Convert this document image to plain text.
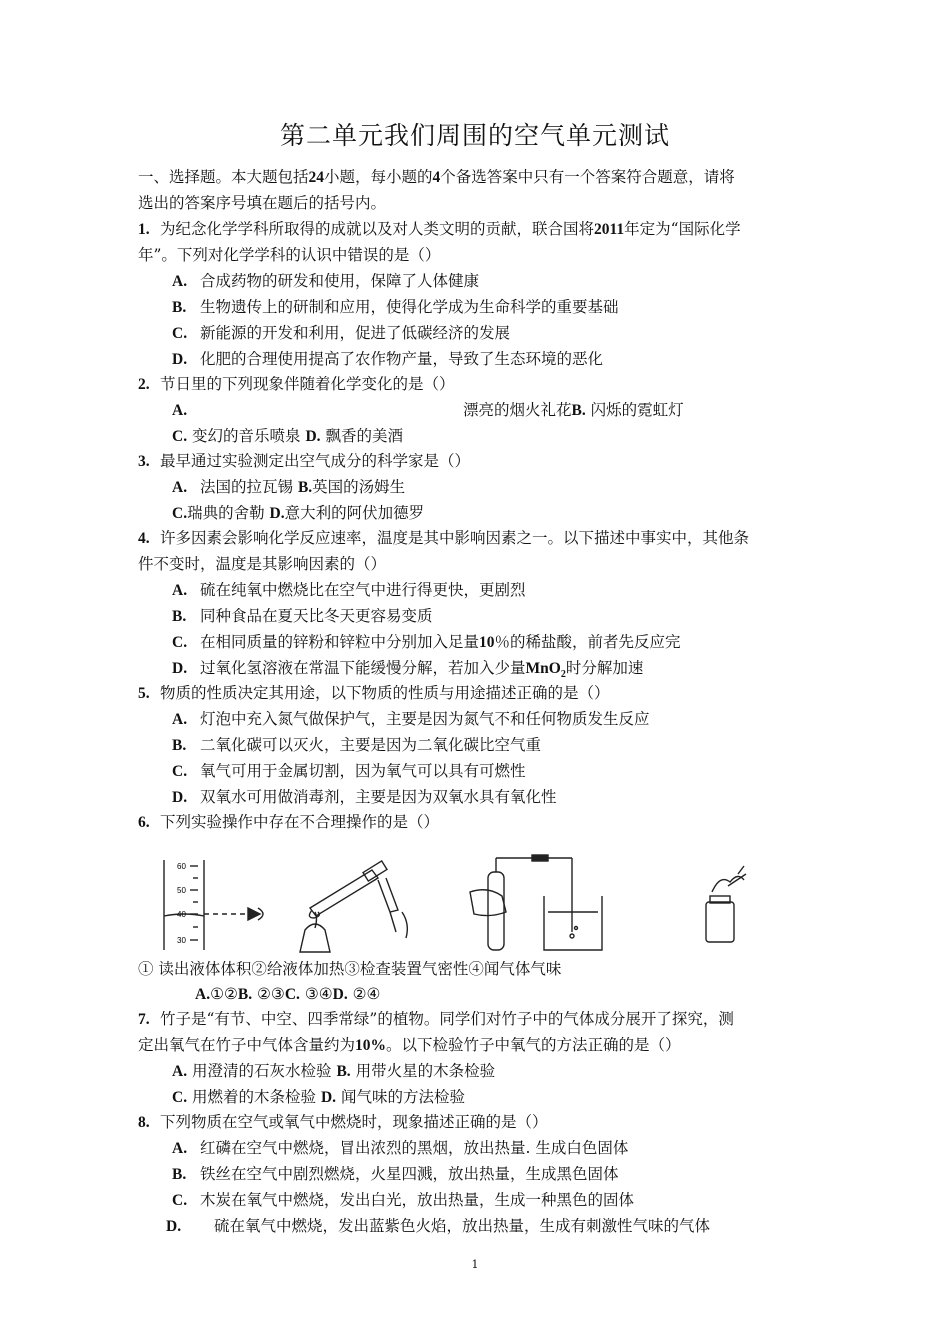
第二单元我们周围的空气单元测试
一、选择题。本大题包括24小题，每小题的4个备选答案中只有一个答案符合题意，请将
选出的答案序号填在题后的括号内。
1. 为纪念化学学科所取得的成就以及对人类文明的贡献，联合国将2011年定为“国际化学
年”。下列对化学学科的认识中错误的是（）
A. 合成药物的研发和使用，保障了人体健康
B. 生物遗传上的研制和应用，使得化学成为生命科学的重要基础
C. 新能源的开发和利用，促进了低碳经济的发展
D. 化肥的合理使用提高了农作物产量，导致了生态环境的恶化
2. 节日里的下列现象伴随着化学变化的是（）
A.	漂亮的烟火礼花B. 闪烁的霓虹灯
C. 变幻的音乐喷泉 D. 飘香的美酒
3. 最早通过实验测定出空气成分的科学家是（）
A. 法国的拉瓦锡 B.英国的汤姆生
C.瑞典的舍勒 D.意大利的阿伏加德罗
4. 许多因素会影响化学反应速率，温度是其中影响因素之一。以下描述中事实中，其他条
件不变时，温度是其影响因素的（）
A. 硫在纯氧中燃烧比在空气中进行得更快，更剧烈
B. 同种食品在夏天比冬天更容易变质
C. 在相同质量的锌粉和锌粒中分别加入足量10％的稀盐酸，前者先反应完
D. 过氧化氢溶液在常温下能缓慢分解，若加入少量MnO$_2$时分解加速
5. 物质的性质决定其用途，以下物质的性质与用途描述正确的是（）
A. 灯泡中充入氮气做保护气，主要是因为氮气不和任何物质发生反应
B. 二氧化碳可以灭火，主要是因为二氧化碳比空气重
C. 氧气可用于金属切割，因为氧气可以具有可燃性
D. 双氧水可用做消毒剂，主要是因为双氧水具有氧化性
6. 下列实验操作中存在不合理操作的是（）
60
50
40
30
① 读出液体体积②给液体加热③检查装置气密性④闻气体气味
A.①②B. ②③C. ③④D. ②④
7. 竹子是“有节、中空、四季常绿”的植物。同学们对竹子中的气体成分展开了探究，测
定出氧气在竹子中气体含量约为10%。以下检验竹子中氧气的方法正确的是（）
A. 用澄清的石灰水检验 B. 用带火星的木条检验
C. 用燃着的木条检验 D. 闻气味的方法检验
8. 下列物质在空气或氧气中燃烧时，现象描述正确的是（）
A. 红磷在空气中燃烧，冒出浓烈的黑烟，放出热量. 生成白色固体
B. 铁丝在空气中剧烈燃烧，火星四溅，放出热量，生成黑色固体
C. 木炭在氧气中燃烧，发出白光，放出热量，生成一种黑色的固体
D. 硫在氧气中燃烧，发出蓝紫色火焰，放出热量，生成有刺激性气味的气体
1
